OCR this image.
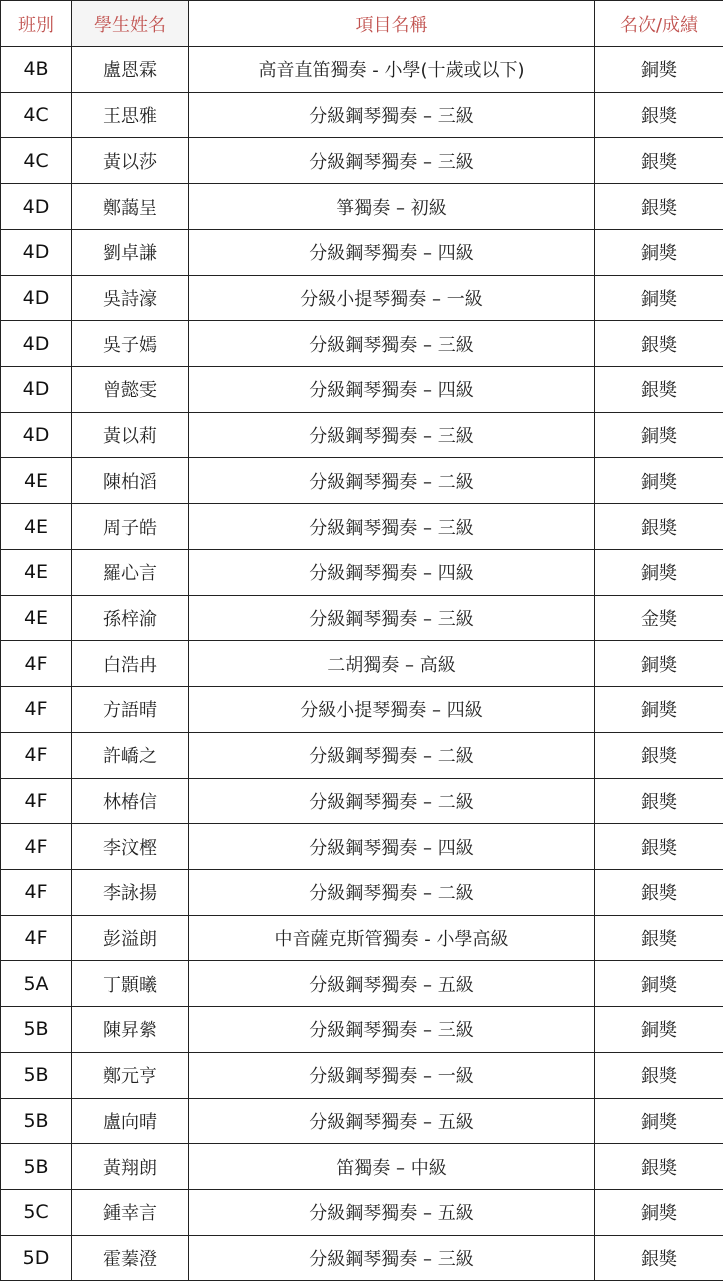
班別	學生姓名	項目名稱	名次/成績
4B	盧恩霖	高音直笛獨奏 - 小學(十歲或以下)	銅獎
4C	王思雅	分級鋼琴獨奏 – 三級	銀獎
4C	黃以莎	分級鋼琴獨奏 – 三級	銀獎
4D	鄭藹呈	箏獨奏 – 初級	銀獎
4D	劉卓謙	分級鋼琴獨奏 – 四級	銅獎
4D	吳詩濠	分級小提琴獨奏 – 一級	銅獎
4D	吳子嫣	分級鋼琴獨奏 – 三級	銀獎
4D	曾懿雯	分級鋼琴獨奏 – 四級	銀獎
4D	黃以莉	分級鋼琴獨奏 – 三級	銅獎
4E	陳柏滔	分級鋼琴獨奏 – 二級	銅獎
4E	周子皓	分級鋼琴獨奏 – 三級	銀獎
4E	羅心言	分級鋼琴獨奏 – 四級	銅獎
4E	孫梓渝	分級鋼琴獨奏 – 三級	金獎
4F	白浩冉	二胡獨奏 – 高級	銅獎
4F	方語晴	分級小提琴獨奏 – 四級	銅獎
4F	許嶠之	分級鋼琴獨奏 – 二級	銀獎
4F	林椿信	分級鋼琴獨奏 – 二級	銀獎
4F	李汶樫	分級鋼琴獨奏 – 四級	銀獎
4F	李詠揚	分級鋼琴獨奏 – 二級	銀獎
4F	彭溢朗	中音薩克斯管獨奏 - 小學高級	銀獎
5A	丁顥曦	分級鋼琴獨奏 – 五級	銅獎
5B	陳昇縈	分級鋼琴獨奏 – 三級	銅獎
5B	鄭元亨	分級鋼琴獨奏 – 一級	銀獎
5B	盧向晴	分級鋼琴獨奏 – 五級	銅獎
5B	黃翔朗	笛獨奏 – 中級	銀獎
5C	鍾幸言	分級鋼琴獨奏 – 五級	銅獎
5D	霍蓁澄	分級鋼琴獨奏 – 三級	銀獎
